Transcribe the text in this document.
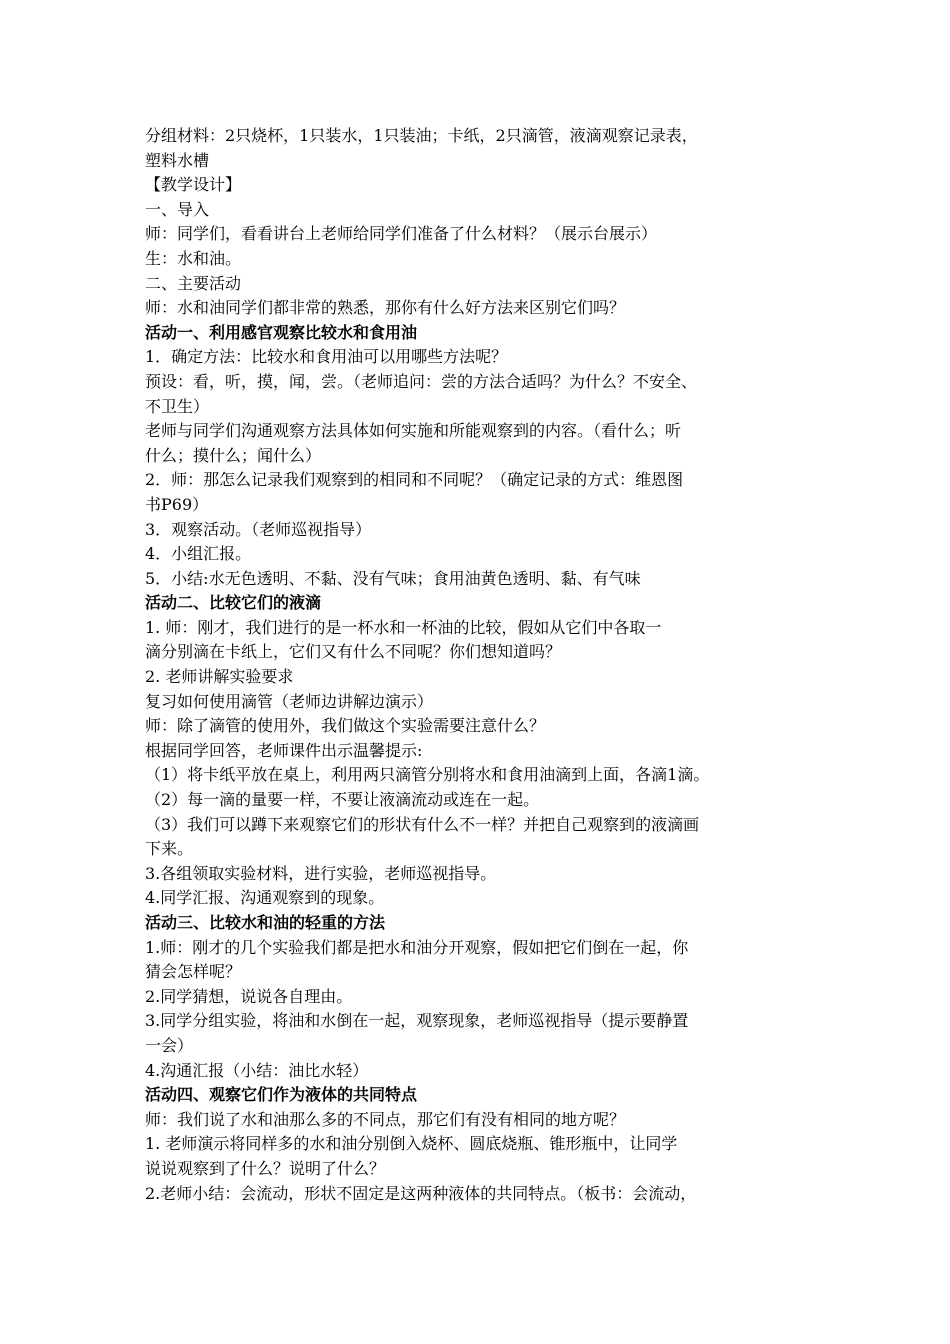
分组材料：2只烧杯，1只装水，1只装油；卡纸，2只滴管，液滴观察记录表，

塑料水槽

【教学设计】

一、导入

师：同学们，看看讲台上老师给同学们准备了什么材料？（展示台展示）

生：水和油。

二、主要活动

师：水和油同学们都非常的熟悉，那你有什么好方法来区别它们吗？

活动一、利用感官观察比较水和食用油

1．确定方法：比较水和食用油可以用哪些方法呢？

预设：看，听，摸，闻，尝。（老师追问：尝的方法合适吗？为什么？不安全、

不卫生）

老师与同学们沟通观察方法具体如何实施和所能观察到的内容。（看什么；听

什么；摸什么；闻什么）

2．师：那怎么记录我们观察到的相同和不同呢？（确定记录的方式：维恩图

书P69）

3．观察活动。（老师巡视指导）

4．小组汇报。

5．小结:水无色透明、不黏、没有气味；食用油黄色透明、黏、有气味

活动二、比较它们的液滴

1. 师：刚才，我们进行的是一杯水和一杯油的比较，假如从它们中各取一

滴分别滴在卡纸上，它们又有什么不同呢？你们想知道吗？

2. 老师讲解实验要求

复习如何使用滴管（老师边讲解边演示）

师：除了滴管的使用外，我们做这个实验需要注意什么？

根据同学回答，老师课件出示温馨提示:

（1）将卡纸平放在桌上，利用两只滴管分别将水和食用油滴到上面，各滴1滴。

（2）每一滴的量要一样，不要让液滴流动或连在一起。

（3）我们可以蹲下来观察它们的形状有什么不一样？并把自己观察到的液滴画

下来。

3.各组领取实验材料，进行实验，老师巡视指导。

4.同学汇报、沟通观察到的现象。

活动三、比较水和油的轻重的方法

1.师：刚才的几个实验我们都是把水和油分开观察，假如把它们倒在一起，你

猜会怎样呢？

2.同学猜想，说说各自理由。

3.同学分组实验，将油和水倒在一起，观察现象，老师巡视指导（提示要静置

一会）

4.沟通汇报（小结：油比水轻）

活动四、观察它们作为液体的共同特点

师：我们说了水和油那么多的不同点，那它们有没有相同的地方呢？

1. 老师演示将同样多的水和油分别倒入烧杯、圆底烧瓶、锥形瓶中，让同学

说说观察到了什么？说明了什么？

2.老师小结：会流动，形状不固定是这两种液体的共同特点。（板书：会流动，
